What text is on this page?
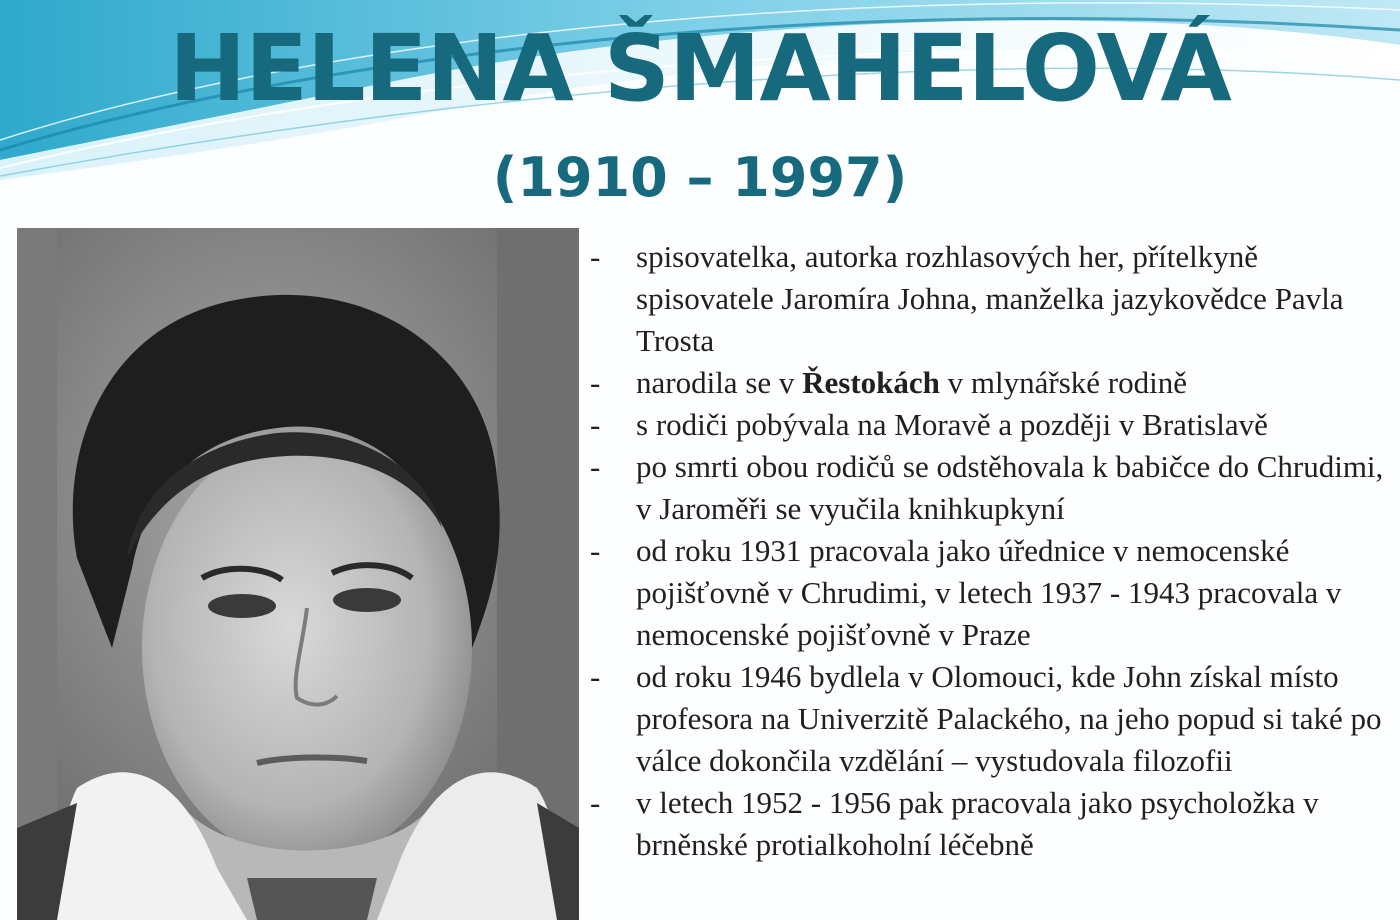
HELENA ŠMAHELOVÁ
(1910 – 1997)
-	spisovatelka, autorka rozhlasových her, přítelkyně spisovatele Jaromíra Johna, manželka jazykovědce Pavla Trosta
-	narodila se v Řestokách v mlynářské rodině
-	s rodiči pobývala na Moravě a později v Bratislavě
-	po smrti obou rodičů se odstěhovala k babičce do Chrudimi, v Jaroměři se vyučila knihkupkyní
-	od roku 1931 pracovala jako úřednice v nemocenské pojišťovně v Chrudimi, v letech 1937 - 1943 pracovala v nemocenské pojišťovně v Praze
-	od roku 1946 bydlela v Olomouci, kde John získal místo profesora na Univerzitě Palackého, na jeho popud si také po válce dokončila vzdělání – vystudovala filozofii
-	v letech 1952 - 1956 pak pracovala jako psycholožka v brněnské protialkoholní léčebně
